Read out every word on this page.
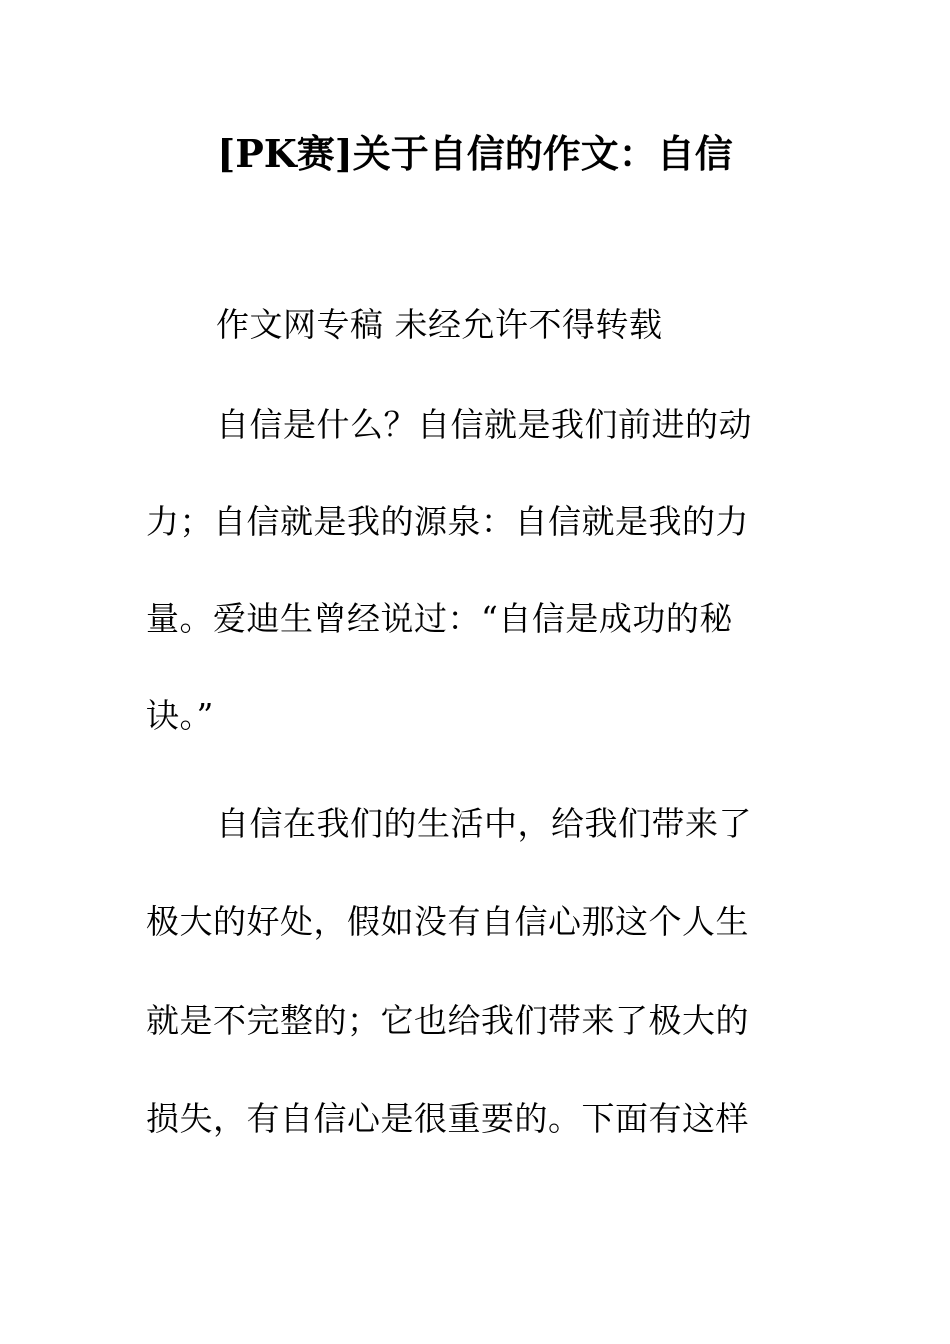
[PK赛]关于自信的作文：自信
作文网专稿 未经允许不得转载
自信是什么？自信就是我们前进的动
力；自信就是我的源泉：自信就是我的力
量。爱迪生曾经说过：“自信是成功的秘
诀。”
自信在我们的生活中，给我们带来了
极大的好处，假如没有自信心那这个人生
就是不完整的；它也给我们带来了极大的
损失，有自信心是很重要的。下面有这样
